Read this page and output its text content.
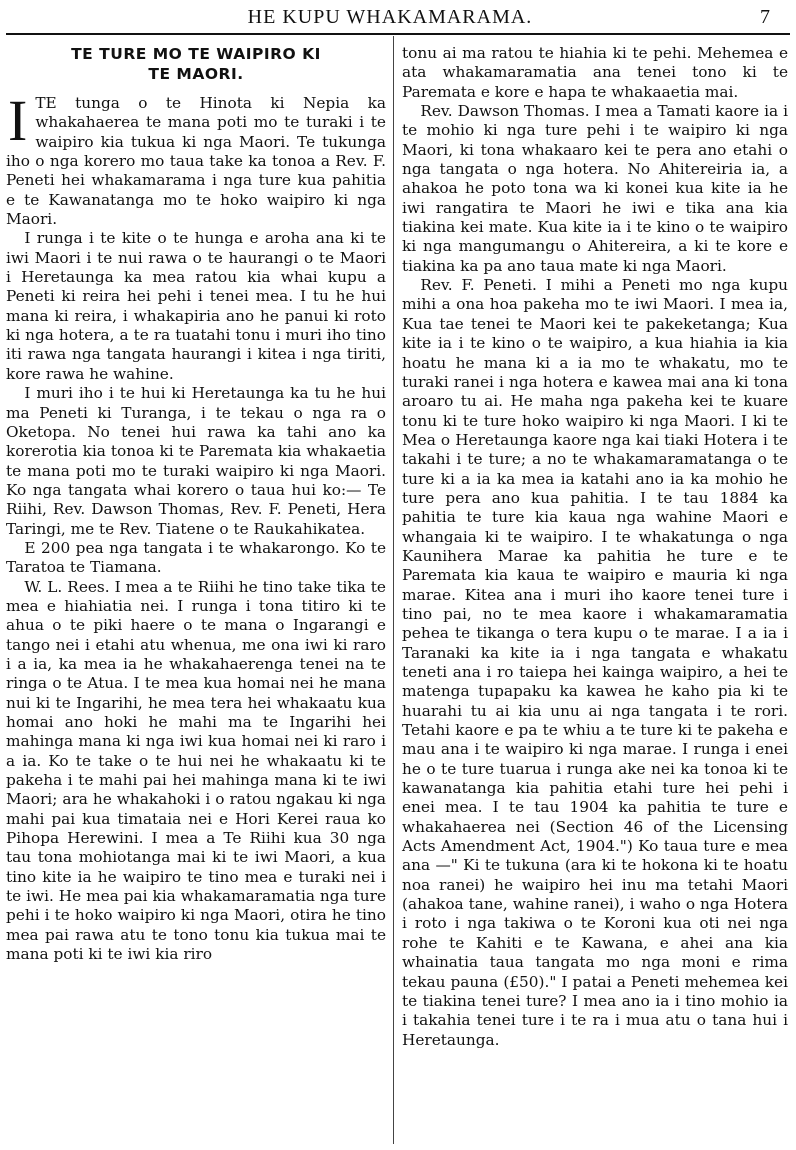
HE KUPU WHAKAMARAMA.	7
TE TURE MO TE WAIPIRO KI
TE MAORI.

ITE tunga o te Hinota ki Nepia ka whakahaerea te mana poti mo te turaki i te waipiro kia tukua ki nga Maori. Te tukunga iho o nga korero mo taua take ka tonoa a Rev. F. Peneti hei whakamarama i nga ture kua pahitia e te Kawanatanga mo te hoko waipiro ki nga Maori.

I runga i te kite o te hunga e aroha ana ki te iwi Maori i te nui rawa o te haurangi o te Maori i Heretaunga ka mea ratou kia whai kupu a Peneti ki reira hei pehi i tenei mea. I tu he hui mana ki reira, i whakapiria ano he panui ki roto ki nga hotera, a te ra tuatahi tonu i muri iho tino iti rawa nga tangata haurangi i kitea i nga tiriti, kore rawa he wahine.

I muri iho i te hui ki Heretaunga ka tu he hui ma Peneti ki Turanga, i te tekau o nga ra o Oketopa. No tenei hui rawa ka tahi ano ka korerotia kia tonoa ki te Paremata kia whakaetia te mana poti mo te turaki waipiro ki nga Maori. Ko nga tangata whai korero o taua hui ko:— Te Riihi, Rev. Dawson Thomas, Rev. F. Peneti, Hera Taringi, me te Rev. Tiatene o te Raukahikatea.

E 200 pea nga tangata i te whakarongo. Ko te Taratoa te Tiamana.

W. L. Rees. I mea a te Riihi he tino take tika te mea e hiahiatia nei. I runga i tona titiro ki te ahua o te piki haere o te mana o Ingarangi e tango nei i etahi atu whenua, me ona iwi ki raro i a ia, ka mea ia he whakahaerenga tenei na te ringa o te Atua. I te mea kua homai nei he mana nui ki te Ingarihi, he mea tera hei whakaatu kua homai ano hoki he mahi ma te Ingarihi hei mahinga mana ki nga iwi kua homai nei ki raro i a ia. Ko te take o te hui nei he whakaatu ki te pakeha i te mahi pai hei mahinga mana ki te iwi Maori; ara he whakahoki i o ratou ngakau ki nga mahi pai kua timataia nei e Hori Kerei raua ko Pihopa Herewini. I mea a Te Riihi kua 30 nga tau tona mohiotanga mai ki te iwi Maori, a kua tino kite ia he waipiro te tino mea e turaki nei i te iwi. He mea pai kia whakamaramatia nga ture pehi i te hoko waipiro ki nga Maori, otira he tino mea pai rawa atu te tono tonu kia tukua mai te mana poti ki te iwi kia riro

tonu ai ma ratou te hiahia ki te pehi. Mehemea e ata whakamaramatia ana tenei tono ki te Paremata e kore e hapa te whakaaetia mai.

Rev. Dawson Thomas. I mea a Tamati kaore ia i te mohio ki nga ture pehi i te waipiro ki nga Maori, ki tona whakaaro kei te pera ano etahi o nga tangata o nga hotera. No Ahitereiria ia, a ahakoa he poto tona wa ki konei kua kite ia he iwi rangatira te Maori he iwi e tika ana kia tiakina kei mate. Kua kite ia i te kino o te waipiro ki nga mangumangu o Ahitereira, a ki te kore e tiakina ka pa ano taua mate ki nga Maori.

Rev. F. Peneti. I mihi a Peneti mo nga kupu mihi a ona hoa pakeha mo te iwi Maori. I mea ia, Kua tae tenei te Maori kei te pakeketanga; Kua kite ia i te kino o te waipiro, a kua hiahia ia kia hoatu he mana ki a ia mo te whakatu, mo te turaki ranei i nga hotera e kawea mai ana ki tona aroaro tu ai. He maha nga pakeha kei te kuare tonu ki te ture hoko waipiro ki nga Maori. I ki te Mea o Heretaunga kaore nga kai tiaki Hotera i te takahi i te ture; a no te whakamaramatanga o te ture ki a ia ka mea ia katahi ano ia ka mohio he ture pera ano kua pahitia. I te tau 1884 ka pahitia te ture kia kaua nga wahine Maori e whangaia ki te waipiro. I te whakatunga o nga Kaunihera Marae ka pahitia he ture e te Paremata kia kaua te waipiro e mauria ki nga marae. Kitea ana i muri iho kaore tenei ture i tino pai, no te mea kaore i whakamaramatia pehea te tikanga o tera kupu o te marae. I a ia i Taranaki ka kite ia i nga tangata e whakatu teneti ana i ro taiepa hei kainga waipiro, a hei te matenga tupapaku ka kawea he kaho pia ki te huarahi tu ai kia unu ai nga tangata i te rori. Tetahi kaore e pa te whiu a te ture ki te pakeha e mau ana i te waipiro ki nga marae. I runga i enei he o te ture tuarua i runga ake nei ka tonoa ki te kawanatanga kia pahitia etahi ture hei pehi i enei mea. I te tau 1904 ka pahitia te ture e whakahaerea nei (Section 46 of the Licensing Acts Amendment Act, 1904.") Ko taua ture e mea ana —" Ki te tukuna (ara ki te hokona ki te hoatu noa ranei) he waipiro hei inu ma tetahi Maori (ahakoa tane, wahine ranei), i waho o nga Hotera i roto i nga takiwa o te Koroni kua oti nei nga rohe te Kahiti e te Kawana, e ahei ana kia whainatia taua tangata mo nga moni e rima tekau pauna (£50)." I patai a Peneti mehemea kei te tiakina tenei ture? I mea ano ia i tino mohio ia i takahia tenei ture i te ra i mua atu o tana hui i Heretaunga.
